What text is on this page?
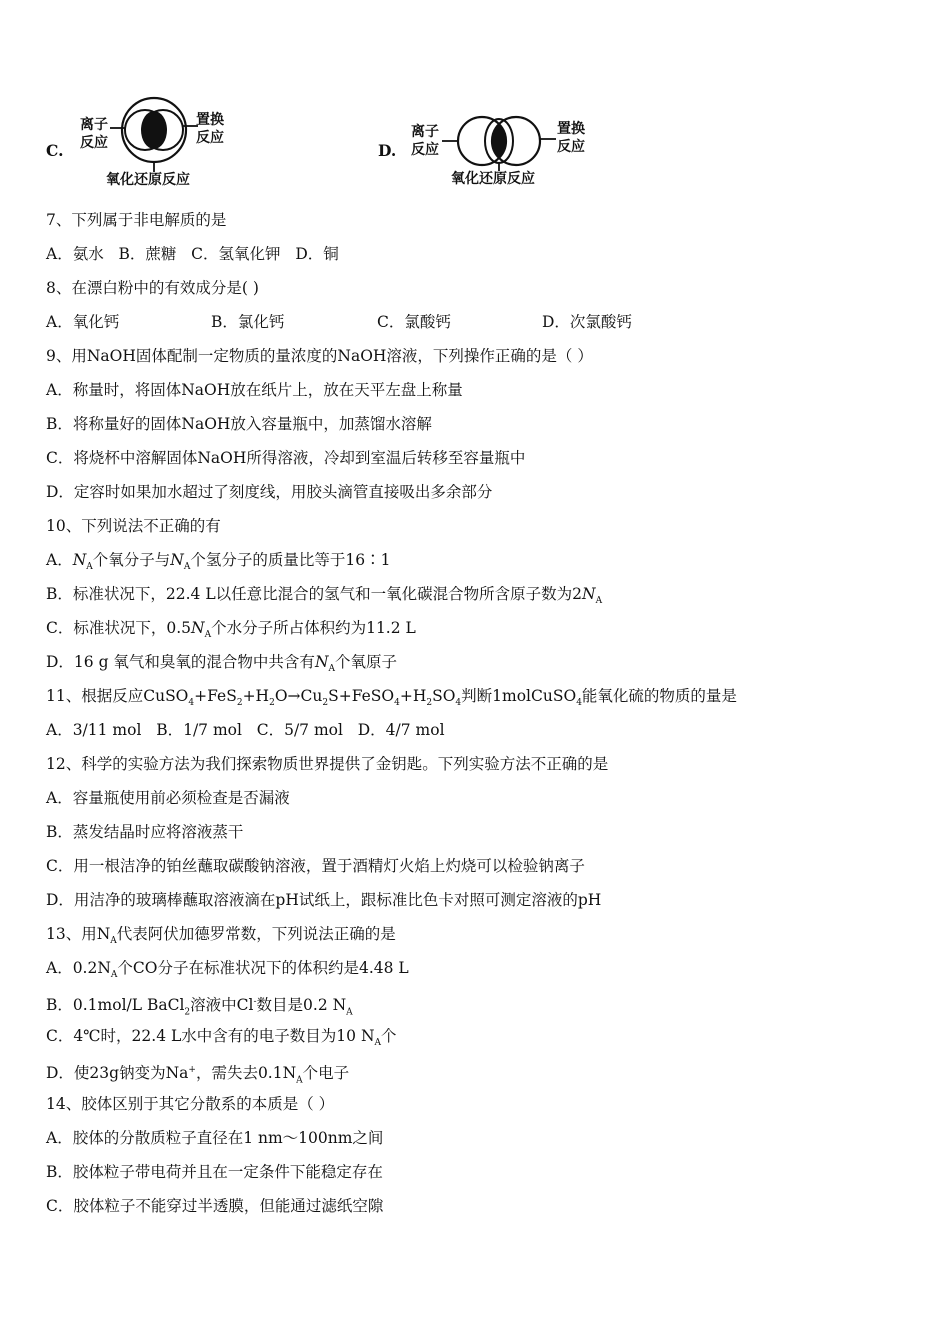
C.
离子
反应
置换
反应
氧化还原反应
D.
离子
反应
置换
反应
氧化还原反应
7、下列属于非电解质的是
A．氨水 B．蔗糖 C．氢氧化钾 D．铜
8、在漂白粉中的有效成分是( )
A．氧化钙	B．氯化钙	C．氯酸钙	D．次氯酸钙
9、用NaOH固体配制一定物质的量浓度的NaOH溶液，下列操作正确的是（ ）
A．称量时，将固体NaOH放在纸片上，放在天平左盘上称量
B．将称量好的固体NaOH放入容量瓶中，加蒸馏水溶解
C．将烧杯中溶解固体NaOH所得溶液，冷却到室温后转移至容量瓶中
D．定容时如果加水超过了刻度线，用胶头滴管直接吸出多余部分
10、下列说法不正确的有
A．$N_A$个氧分子与$N_A$个氢分子的质量比等于16∶1
B．标准状况下，22.4 L以任意比混合的氢气和一氧化碳混合物所含原子数为$2N_A$
C．标准状况下，$0.5N_A$个水分子所占体积约为11.2 L
D．16 g 氧气和臭氧的混合物中共含有$N_A$个氧原子
11、根据反应$CuSO_4+FeS_2+H_2O\to Cu_2S+FeSO_4+H_2SO_4$判断1molCuSO$_4$能氧化硫的物质的量是
A．3/11 mol B．1/7 mol C．5/7 mol D．4/7 mol
12、科学的实验方法为我们探索物质世界提供了金钥匙。下列实验方法不正确的是
A．容量瓶使用前必须检查是否漏液
B．蒸发结晶时应将溶液蒸干
C．用一根洁净的铂丝蘸取碳酸钠溶液，置于酒精灯火焰上灼烧可以检验钠离子
D．用洁净的玻璃棒蘸取溶液滴在pH试纸上，跟标准比色卡对照可测定溶液的pH
13、用$N_A$代表阿伏加德罗常数，下列说法正确的是
A．$0.2N_A$个CO分子在标准状况下的体积约是4.48 L
B．0.1mol/L BaCl$_2$溶液中Cl-数目是0.2 $N_A$
C．4℃时，22.4 L水中含有的电子数目为10 $N_A$个
D．使23g钠变为Na+，需失去$0.1N_A$个电子
14、胶体区别于其它分散系的本质是（ ）
A．胶体的分散质粒子直径在1 nm～100nm之间
B．胶体粒子带电荷并且在一定条件下能稳定存在
C．胶体粒子不能穿过半透膜，但能通过滤纸空隙
